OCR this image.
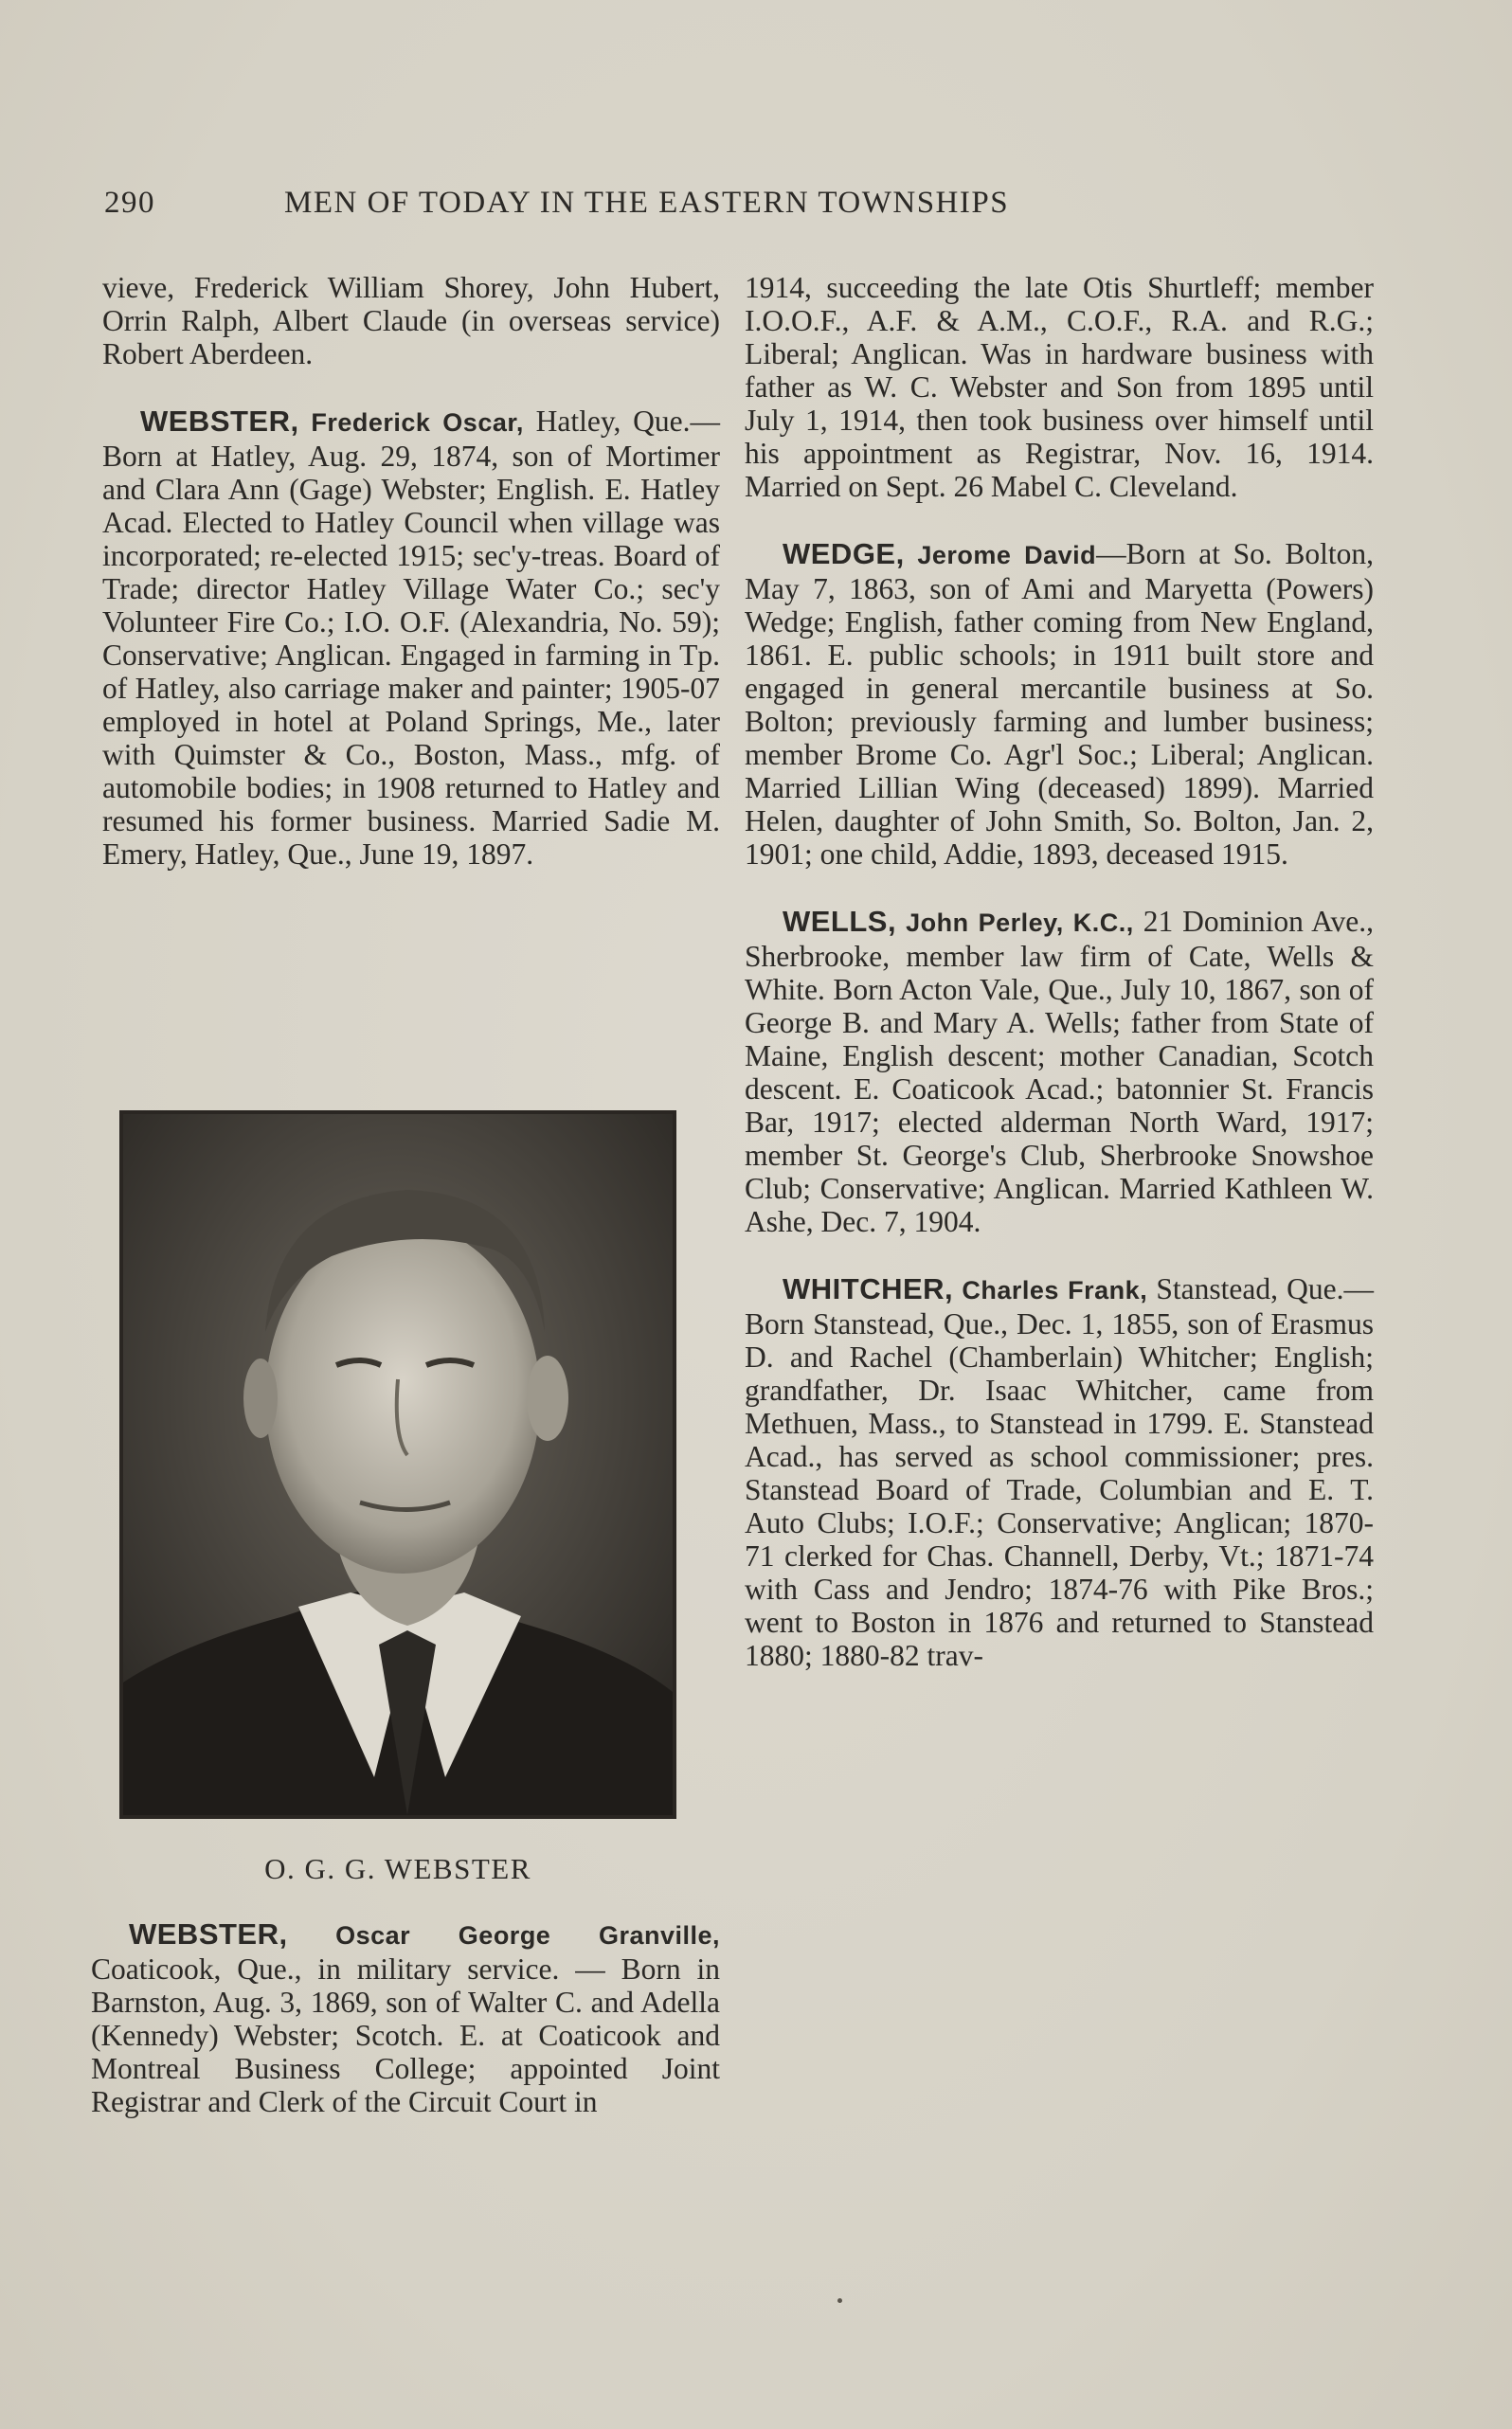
290	MEN OF TODAY IN THE EASTERN TOWNSHIPS

vieve, Frederick William Shorey, John Hubert, Orrin Ralph, Albert Claude (in overseas service) Robert Aberdeen.

WEBSTER, Frederick Oscar, Hatley, Que.—Born at Hatley, Aug. 29, 1874, son of Mortimer and Clara Ann (Gage) Webster; English. E. Hatley Acad. Elected to Hatley Council when village was incorporated; re-elected 1915; sec'y-treas. Board of Trade; director Hatley Village Water Co.; sec'y Volunteer Fire Co.; I.O. O.F. (Alexandria, No. 59); Conservative; Anglican. Engaged in farming in Tp. of Hatley, also carriage maker and painter; 1905-07 employed in hotel at Poland Springs, Me., later with Quimster & Co., Boston, Mass., mfg. of automobile bodies; in 1908 returned to Hatley and resumed his former business. Married Sadie M. Emery, Hatley, Que., June 19, 1897.

O. G. G. WEBSTER

WEBSTER, Oscar George Granville, Coaticook, Que., in military service. — Born in Barnston, Aug. 3, 1869, son of Walter C. and Adella (Kennedy) Webster; Scotch. E. at Coaticook and Montreal Business College; appointed Joint Registrar and Clerk of the Circuit Court in

1914, succeeding the late Otis Shurtleff; member I.O.O.F., A.F. & A.M., C.O.F., R.A. and R.G.; Liberal; Anglican. Was in hardware business with father as W. C. Webster and Son from 1895 until July 1, 1914, then took business over himself until his appointment as Registrar, Nov. 16, 1914. Married on Sept. 26 Mabel C. Cleveland.

WEDGE, Jerome David—Born at So. Bolton, May 7, 1863, son of Ami and Maryetta (Powers) Wedge; English, father coming from New England, 1861. E. public schools; in 1911 built store and engaged in general mercantile business at So. Bolton; previously farming and lumber business; member Brome Co. Agr'l Soc.; Liberal; Anglican. Married Lillian Wing (deceased) 1899). Married Helen, daughter of John Smith, So. Bolton, Jan. 2, 1901; one child, Addie, 1893, deceased 1915.

WELLS, John Perley, K.C., 21 Dominion Ave., Sherbrooke, member law firm of Cate, Wells & White. Born Acton Vale, Que., July 10, 1867, son of George B. and Mary A. Wells; father from State of Maine, English descent; mother Canadian, Scotch descent. E. Coaticook Acad.; batonnier St. Francis Bar, 1917; elected alderman North Ward, 1917; member St. George's Club, Sherbrooke Snowshoe Club; Conservative; Anglican. Married Kathleen W. Ashe, Dec. 7, 1904.

WHITCHER, Charles Frank, Stanstead, Que.—Born Stanstead, Que., Dec. 1, 1855, son of Erasmus D. and Rachel (Chamberlain) Whitcher; English; grandfather, Dr. Isaac Whitcher, came from Methuen, Mass., to Stanstead in 1799. E. Stanstead Acad., has served as school commissioner; pres. Stanstead Board of Trade, Columbian and E. T. Auto Clubs; I.O.F.; Conservative; Anglican; 1870-71 clerked for Chas. Channell, Derby, Vt.; 1871-74 with Cass and Jendro; 1874-76 with Pike Bros.; went to Boston in 1876 and returned to Stanstead 1880; 1880-82 trav-
